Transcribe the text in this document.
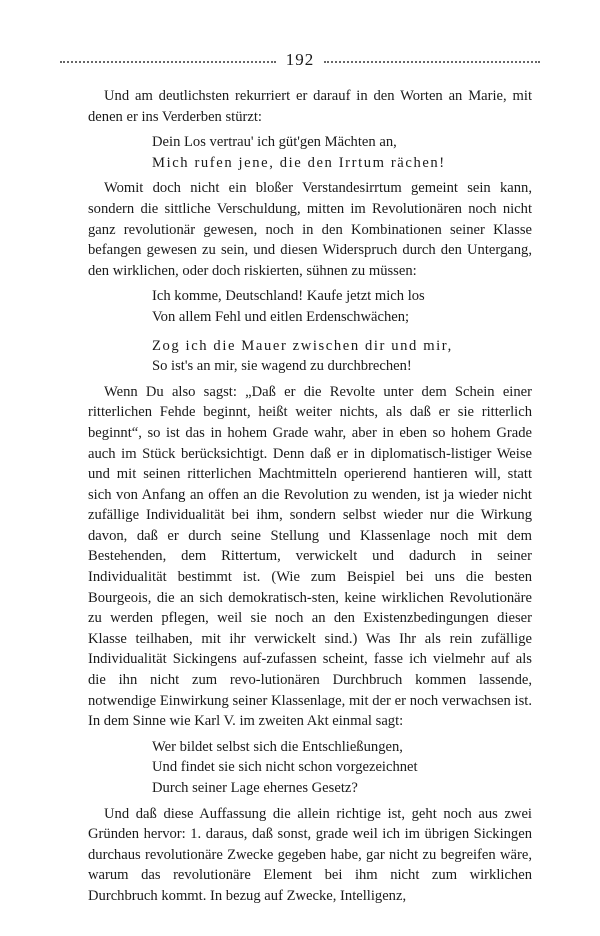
192

Und am deutlichsten rekurriert er darauf in den Worten an Marie, mit denen er ins Verderben stürzt:

Dein Los vertrau' ich güt'gen Mächten an,
Mich rufen jene, die den Irrtum rächen!

Womit doch nicht ein bloßer Verstandesirrtum gemeint sein kann, sondern die sittliche Verschuldung, mitten im Revolutionären noch nicht ganz revolutionär gewesen, noch in den Kombinationen seiner Klasse befangen gewesen zu sein, und diesen Widerspruch durch den Untergang, den wirklichen, oder doch riskierten, sühnen zu müssen:

Ich komme, Deutschland! Kaufe jetzt mich los
Von allem Fehl und eitlen Erdenschwächen;
Zog ich die Mauer zwischen dir und mir,
So ist's an mir, sie wagend zu durchbrechen!

Wenn Du also sagst: „Daß er die Revolte unter dem Schein einer ritterlichen Fehde beginnt, heißt weiter nichts, als daß er sie ritterlich beginnt“, so ist das in hohem Grade wahr, aber in eben so hohem Grade auch im Stück berücksichtigt. Denn daß er in diplomatisch-listiger Weise und mit seinen ritterlichen Machtmitteln operierend hantieren will, statt sich von Anfang an offen an die Revolution zu wenden, ist ja wieder nicht zufällige Individualität bei ihm, sondern selbst wieder nur die Wirkung davon, daß er durch seine Stellung und Klassenlage noch mit dem Bestehenden, dem Rittertum, verwickelt und dadurch in seiner Individualität bestimmt ist. (Wie zum Beispiel bei uns die besten Bourgeois, die an sich demokratisch-sten, keine wirklichen Revolutionäre zu werden pflegen, weil sie noch an den Existenzbedingungen dieser Klasse teilhaben, mit ihr verwickelt sind.) Was Ihr als rein zufällige Individualität Sickingens auf-zufassen scheint, fasse ich vielmehr auf als die ihn nicht zum revo-lutionären Durchbruch kommen lassende, notwendige Einwirkung seiner Klassenlage, mit der er noch verwachsen ist. In dem Sinne wie Karl V. im zweiten Akt einmal sagt:

Wer bildet selbst sich die Entschließungen,
Und findet sie sich nicht schon vorgezeichnet
Durch seiner Lage ehernes Gesetz?

Und daß diese Auffassung die allein richtige ist, geht noch aus zwei Gründen hervor: 1. daraus, daß sonst, grade weil ich im übrigen Sickingen durchaus revolutionäre Zwecke gegeben habe, gar nicht zu begreifen wäre, warum das revolutionäre Element bei ihm nicht zum wirklichen Durchbruch kommt. In bezug auf Zwecke, Intelligenz,
